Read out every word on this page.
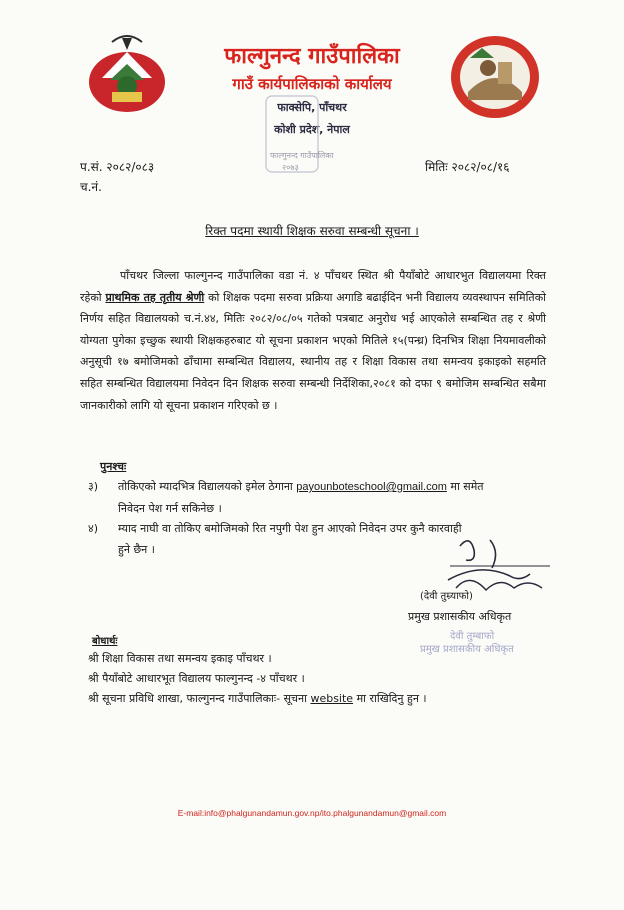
फाल्गुनन्द गाउँपालिका
गाउँ कार्यपालिकाको कार्यालय
फाक्सेपि, पाँचथर
कोशी प्रदेश, नेपाल
फाल्गुनन्द गाउँपालिका
२०७३
प.सं. २०८२/०८३
च.नं.
मितिः २०८२/०८/१६
रिक्त पदमा स्थायी शिक्षक सरुवा सम्बन्धी सूचना ।
पाँचथर जिल्ला फाल्गुनन्द गाउँपालिका वडा नं. ४ पाँचथर स्थित श्री पैयाँबोटे आधारभुत विद्यालयमा रिक्त रहेको प्राथमिक तह तृतीय श्रेणी को शिक्षक पदमा सरुवा प्रक्रिया अगाडि बढाईदिन भनी विद्यालय व्यवस्थापन समितिको निर्णय सहित विद्यालयको च.नं.४४, मितिः २०८२/०८/०५ गतेको पत्रबाट अनुरोध भई आएकोले सम्बन्धित तह र श्रेणी योग्यता पुगेका इच्छुक स्थायी शिक्षकहरुबाट यो सूचना प्रकाशन भएको मितिले १५(पन्ध्र) दिनभित्र शिक्षा नियमावलीको अनुसूची १७ बमोजिमको ढाँचामा सम्बन्धित विद्यालय, स्थानीय तह र शिक्षा विकास तथा समन्वय इकाइको सहमति सहित सम्बन्धित विद्यालयमा निवेदन दिन शिक्षक सरुवा सम्बन्धी निर्देशिका,२०८१ को दफा ९ बमोजिम सम्बन्धित सबैमा जानकारीको लागि यो सूचना प्रकाशन गरिएको छ ।
पुनश्चः
३) तोकिएको म्यादभित्र विद्यालयको इमेल ठेगाना payounboteschool@gmail.com मा समेत
निवेदन पेश गर्न सकिनेछ ।
४) म्याद नाघी वा तोकिए बमोजिमको रित नपुगी पेश हुन आएको निवेदन उपर कुनै कारवाही
हुने छैन ।
(देवी तुम्र्याफो)
प्रमुख प्रशासकीय अधिकृत
देवी तुम्बाफो
प्रमुख प्रशासकीय अधिकृत
बोधार्थः
श्री शिक्षा विकास तथा समन्वय इकाइ पाँचथर ।
श्री पैयाँबोटे आधारभूत विद्यालय फाल्गुनन्द -४ पाँचथर ।
श्री सूचना प्रविधि शाखा, फाल्गुनन्द गाउँपालिकाः- सूचना website मा राखिदिनु हुन ।
E-mail:info@phalgunandamun.gov.np/ito.phalgunandamun@gmail.com
